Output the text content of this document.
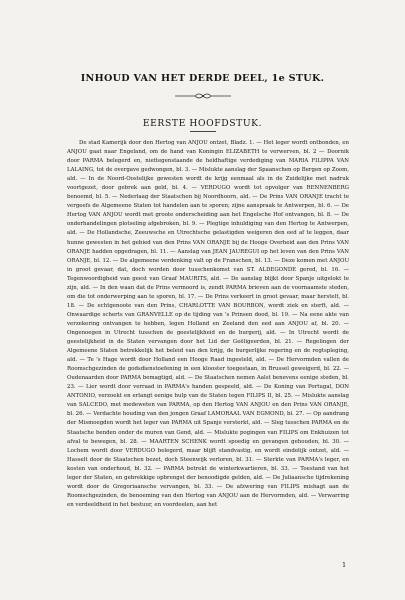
INHOUD VAN HET DERDE DEEL, 1e STUK.
EERSTE HOOFDSTUK.

De stad Kamerijk door den Hertog van ANJOU ontzet, Bladz. 1. — Het leger wordt ontbonden, en ANJOU gaat naar Engeland, om de hand van Koningin ELIZABETH te verwerven, bl. 2 — Doornik door PARMA belegerd en, niettegenstaande de heldhaftige verdediging van MARIA FILIPPA VAN LALAING, tot de overgave gedwongen, bl. 3. — Mislukte aanslag der Spaanschen op Bergen op Zoom, ald. — In de Noord-Oostelijke gewesten wordt de krijg eenmaal als in de Zuidelijke met nadruk voortgezet, door gebrek aan geld, bl. 4. — VERDUGO wordt tot opvolger van RENNENBERG benoemd, bl. 5. — Nederlaag der Staatschen bij Noordhoorn, ald. — De Prins VAN ORANJE tracht te vergeefs de Algemeene Staten tot handelen aan te sporen; zijne aanspraak te Antwerpen, bl. 6. — De Hertog VAN ANJOU wordt met groote onderscheiding aan het Engelsche Hof ontvangen, bl. 8. — De onderhandelingen plotseling afgebroken, bl. 9. — Plegtige inhuldiging van den Hertog te Antwerpen, ald. — De Hollandsche, Zeeuwsche en Utrechtsche gelastigden weigeren den eed af te leggen, daar hunne gewesten in het gebied van den Prins VAN ORANJE bij de Hooge Overheid aan den Prins VAN ORANJE hadden opgedragen, bl. 11. — Aanslag van JEAN JAUREGUI op het leven van den Prins VAN ORANJE, bl. 12. — De algemeene verdenking valt op de Franschen, bl. 13. — Deze komen met ANJOU in groot gevaar, dat, doch worden door tusschenkomst van ST. ALDEGONDE gered, bl. 16. — Tegenwoordigheid van geest van Graaf MAURITS, ald. — De aanslag blijkt door Spanje uitgelokt te zijn, ald. — In den waan dat de Prins vermoord is, zendt PARMA brieven aan de voornaamste steden, om die tot onderwerping aan te sporen, bl. 17. — De Prins verkeert in groot gevaar, maar herstelt, bl. 18. — De echtgenoote van den Prins, CHARLOTTE VAN BOURBON, wordt ziek en sterft, ald. — Onwaardige scherts van GRANVELLE op de tijding van 's Prinsen dood, bl. 19. — Na eene akte van verzekering ontvangen te hebben, legen Holland en Zeeland den eed aan ANJOU af, bl. 20. — Ongenoegen in Utrecht tusschen de geestelijkheid en de burgerij, ald. — In Utrecht wordt de geestelijkheid in de Staten vervangen door het Lid der Geëligeerden, bl. 21. — Regelingen der Algemeene Staten betrekkelijk het beleid van den krijg, de burgerlijke regering en de regtspleging, ald. — Te 's Hage wordt door Holland een Hooge Raad ingesteld, ald. — De Hervormden vallen de Roomschgezinden de godsdienstoefening in een klooster toegestaan, in Brussel geweigerd, bl. 22. — Oudenaarden door PARMA bemagtigd, ald. — De Staatschen nemen Aalst benevens eenige steden, bl. 23. — Lier wordt door verraad in PARMA's handen gespeeld, ald. — De Koning van Portugal, DON ANTONIO, verzoekt en erlangt eenige hulp van de Staten tegen FILIPS II, bl. 25. — Mislukte aanslag van SALCEDO, met medeweten van PARMA, op den Hertog VAN ANJOU en den Prins VAN ORANJE, bl. 26. — Verdachte houding van den jongen Graaf LAMORAAL VAN EGMOND, bl. 27. — Op aandrang der Mismoegden wordt het leger van PARMA uit Spanje versterkt, ald. — Sleg tusschen PARMA en de Staatsche benden onder de muren van Gend, ald. — Mislukte pogingen van FILIPS om Enkhuizen tot afval te bewegen, bl. 28. — MAARTEN SCHENK wordt spoedig en gevangen gehouden, bl. 30. — Lochem wordt door VERDUGO belegerd, maar blijft standvastig, en wordt eindelijk ontzet, ald. — Hasselt door de Staatschen bezet, doch Steenwijk verloren, bl. 31. — Sterkte van PARMA's leger, en kosten van onderhoud, bl. 32. — PARMA betrekt de winterkwartieren, bl. 33. — Toestand van het leger der Staten, en gebrekkige opbrengst der benoodigde gelden, ald. — De Juliaansche tijdrekening wordt door de Gregoriaansche vervangen, bl. 33. — De afzwering van FILIPS mishagt aan de Roomschgezinden, de benoeming van den Hertog van ANJOU aan de Hervormden, ald. — Verwarring en verdeeldheid in het bestuur, en voordeelen, aan het

1
